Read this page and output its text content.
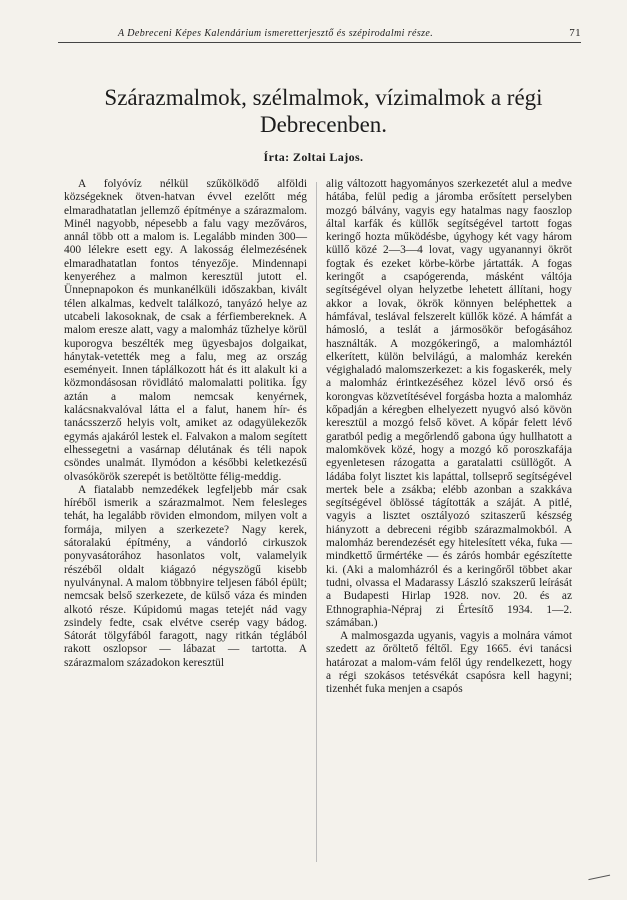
A Debreceni Képes Kalendárium ismeretterjesztő és szépirodalmi része.	71
Szárazmalmok, szélmalmok, vízimalmok a régi
Debrecenben.
Írta: Zoltai Lajos.

A folyóvíz nélkül szűkölködő alföldi községeknek ötven-hatvan évvel ezelőtt még elmaradhatatlan jellemző építménye a szárazmalom. Minél nagyobb, népesebb a falu vagy mezőváros, annál több ott a malom is. Legalább minden 300—400 lélekre esett egy. A lakosság élelmezésének elmaradhatatlan fontos tényezője. Mindennapi kenyeréhez a malmon keresztül jutott el. Ünnepnapokon és munkanélküli időszakban, kivált télen alkalmas, kedvelt találkozó, tanyázó helye az utcabeli lakosoknak, de csak a férfiembereknek. A malom eresze alatt, vagy a malomház tűzhelye körül kuporogva beszélték meg ügyesbajos dolgaikat, hánytak-vetették meg a falu, meg az ország eseményeit. Innen táplálkozott hát és itt alakult ki a közmondásosan rövidlátó malomalatti politika. Így aztán a malom nemcsak kenyérnek, kalácsnakvalóval látta el a falut, hanem hír- és tanácsszerző helyis volt, amiket az odagyülekezők egymás ajakáról lestek el. Falvakon a malom segített elhessegetni a vasárnap délutának és téli napok csöndes unalmát. Ilymódon a későbbi keletkezésű olvasókörök szerepét is betöltötte félig-meddig.

A fiatalabb nemzedékek legfeljebb már csak híréből ismerik a szárazmalmot. Nem felesleges tehát, ha legalább röviden elmondom, milyen volt a formája, milyen a szerkezete? Nagy kerek, sátoralakú építmény, a vándorló cirkuszok ponyvasátorához hasonlatos volt, valamelyik részéből oldalt kiágazó négyszögű kisebb nyulványnal. A malom többnyire teljesen fából épült; nemcsak belső szerkezete, de külső váza és minden alkotó része. Kúpidomú magas tetejét nád vagy zsindely fedte, csak elvétve cserép vagy bádog. Sátorát tölgyfából faragott, nagy ritkán téglából rakott oszlopsor — lábazat — tartotta. A szárazmalom századokon keresztül

alig változott hagyományos szerkezetét alul a medve hátába, felül pedig a járomba erősített perselyben mozgó bálvány, vagyis egy hatalmas nagy faoszlop által karfák és küllők segítségével tartott fogas keringő hozta működésbe, úgyhogy két vagy három küllő közé 2—3—4 lovat, vagy ugyanannyi ökröt fogtak és ezeket körbe-körbe jártatták. A fogas keringőt a csapógerenda, másként váltója segítségével olyan helyzetbe lehetett állítani, hogy akkor a lovak, ökrök könnyen beléphettek a hámfával, teslával felszerelt küllők közé. A hámfát a hámosló, a teslát a jármosökör befogásához használták. A mozgókeringő, a malomháztól elkerített, külön belvilágú, a malomház kerekén végighaladó malomszerkezet: a kis fogaskerék, mely a malomház érintkezéséhez közel lévő orsó és korongvas közvetítésével forgásba hozta a malomház kőpadján a kéregben elhelyezett nyugvó alsó kövön keresztül a mozgó felső követ. A kőpár felett lévő garatból pedig a megőrlendő gabona úgy hullhatott a malomkövek közé, hogy a mozgó kő poroszkafája egyenletesen rázogatta a garatalatti csüllögőt. A ládába folyt lisztet kis lapáttal, tollseprő segítségével mertek bele a zsákba; elébb azonban a szakkáva segítségével öblössé tágították a száját. A pitlé, vagyis a lisztet osztályozó szitaszerű készség hiányzott a debreceni régibb szárazmalmokból. A malomház berendezését egy hitelesített véka, fuka — mindkettő űrmértéke — és zárós hombár egészítette ki. (Aki a malomházról és a keringőről többet akar tudni, olvassa el Madarassy László szakszerű leírását a Budapesti Hirlap 1928. nov. 20. és az Ethnographia-Népraj zi Értesítő 1934. 1—2. számában.)

A malmosgazda ugyanis, vagyis a molnára vámot szedett az őröltető féltől. Egy 1665. évi tanácsi határozat a malom-vám felől úgy rendelkezett, hogy a régi szokásos tetésvékát csapósra kell hagyni; tizenhét fuka menjen a csapós
